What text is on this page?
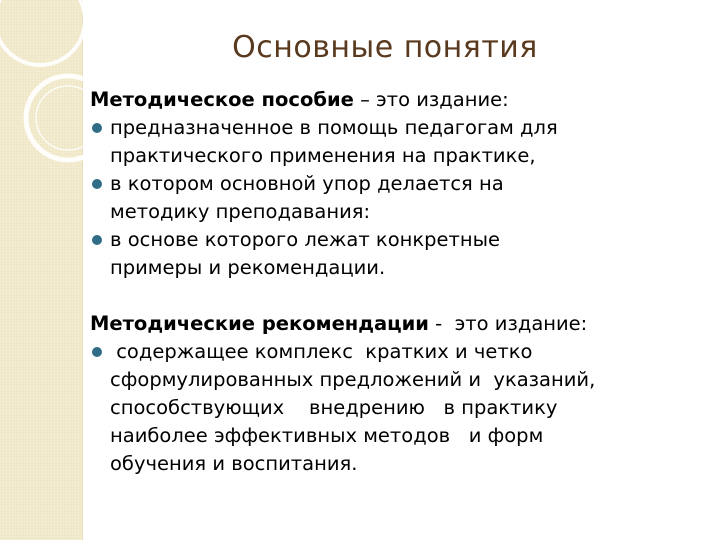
Основные понятия
Методическое пособие – это издание:
предназначенное в помощь педагогам для
практического применения на практике,
в котором основной упор делается на
методику преподавания:
в основе которого лежат конкретные
примеры и рекомендации.
Методические рекомендации -  это издание:
содержащее комплекс  кратких и четко
сформулированных предложений и  указаний,
способствующих    внедрению   в практику
наиболее эффективных методов   и форм
обучения и воспитания.
